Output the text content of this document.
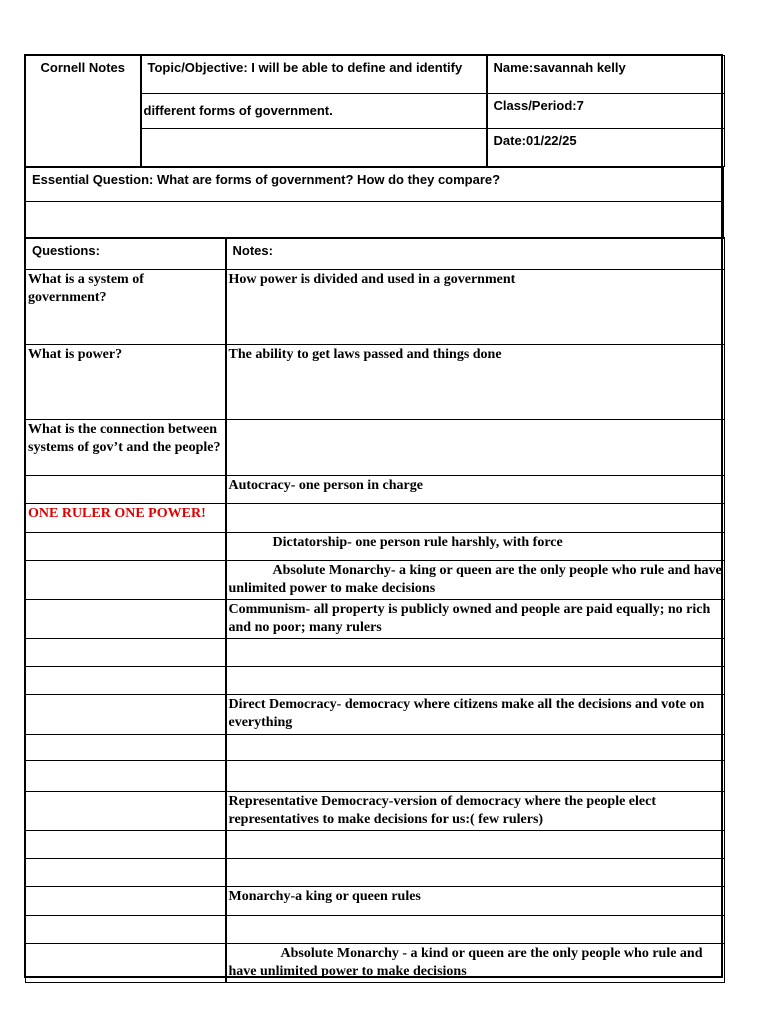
Cornell Notes	Topic/Objective: I will be able to define and identify	Name:savannah kelly
	different forms of government.	Class/Period:7
		Date:01/22/25
Essential Question: What are forms of government? How do they compare?

Questions:	Notes:
What is a system of government?	How power is divided and used in a government
What is power?	The ability to get laws passed and things done
What is the connection between systems of gov’t and the people?	
	Autocracy- one person in charge
ONE RULER ONE POWER!	
	Dictatorship- one person rule harshly, with force
	Absolute Monarchy- a king or queen are the only people who rule and have unlimited power to make decisions
	Communism- all property is publicly owned and people are paid equally; no rich and no poor; many rulers

	Direct Democracy- democracy where citizens make all the decisions and vote on everything

	Representative Democracy-version of democracy where the people elect representatives to make decisions for us:( few rulers)

	Monarchy-a king or queen rules

	Absolute Monarchy - a kind or queen are the only people who rule and have unlimited power to make decisions
